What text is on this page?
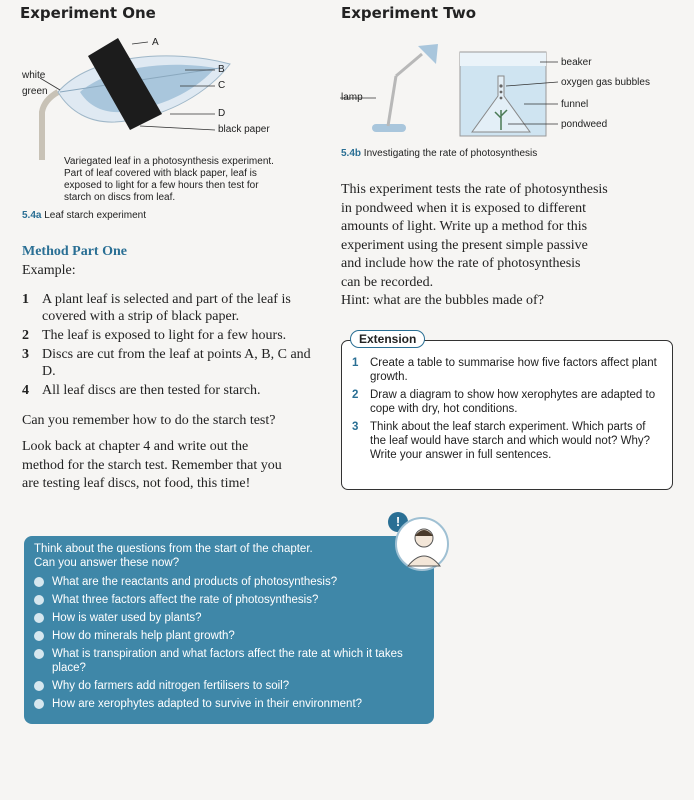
Experiment One
A
B
C
D
black paper
white
green
Variegated leaf in a photosynthesis experiment.
Part of leaf covered with black paper, leaf is
exposed to light for a few hours then test for
starch on discs from leaf.
5.4a Leaf starch experiment
Method Part One
Example:
1 A plant leaf is selected and part of the leaf is covered with a strip of black paper.
2 The leaf is exposed to light for a few hours.
3 Discs are cut from the leaf at points A, B, C and D.
4 All leaf discs are then tested for starch.
Can you remember how to do the starch test?
Look back at chapter 4 and write out the
method for the starch test. Remember that you
are testing leaf discs, not food, this time!
Experiment Two
beaker
oxygen gas bubbles
funnel
pondweed
lamp
5.4b Investigating the rate of photosynthesis
This experiment tests the rate of photosynthesis
in pondweed when it is exposed to different
amounts of light. Write up a method for this
experiment using the present simple passive
and include how the rate of photosynthesis
can be recorded.
Hint: what are the bubbles made of?
Extension
1 Create a table to summarise how five factors affect plant growth.
2 Draw a diagram to show how xerophytes are adapted to cope with dry, hot conditions.
3 Think about the leaf starch experiment. Which parts of the leaf would have starch and which would not? Why? Write your answer in full sentences.
Think about the questions from the start of the chapter.
Can you answer these now?
What are the reactants and products of photosynthesis?
What three factors affect the rate of photosynthesis?
How is water used by plants?
How do minerals help plant growth?
What is transpiration and what factors affect the rate at which it takes place?
Why do farmers add nitrogen fertilisers to soil?
How are xerophytes adapted to survive in their environment?
!
